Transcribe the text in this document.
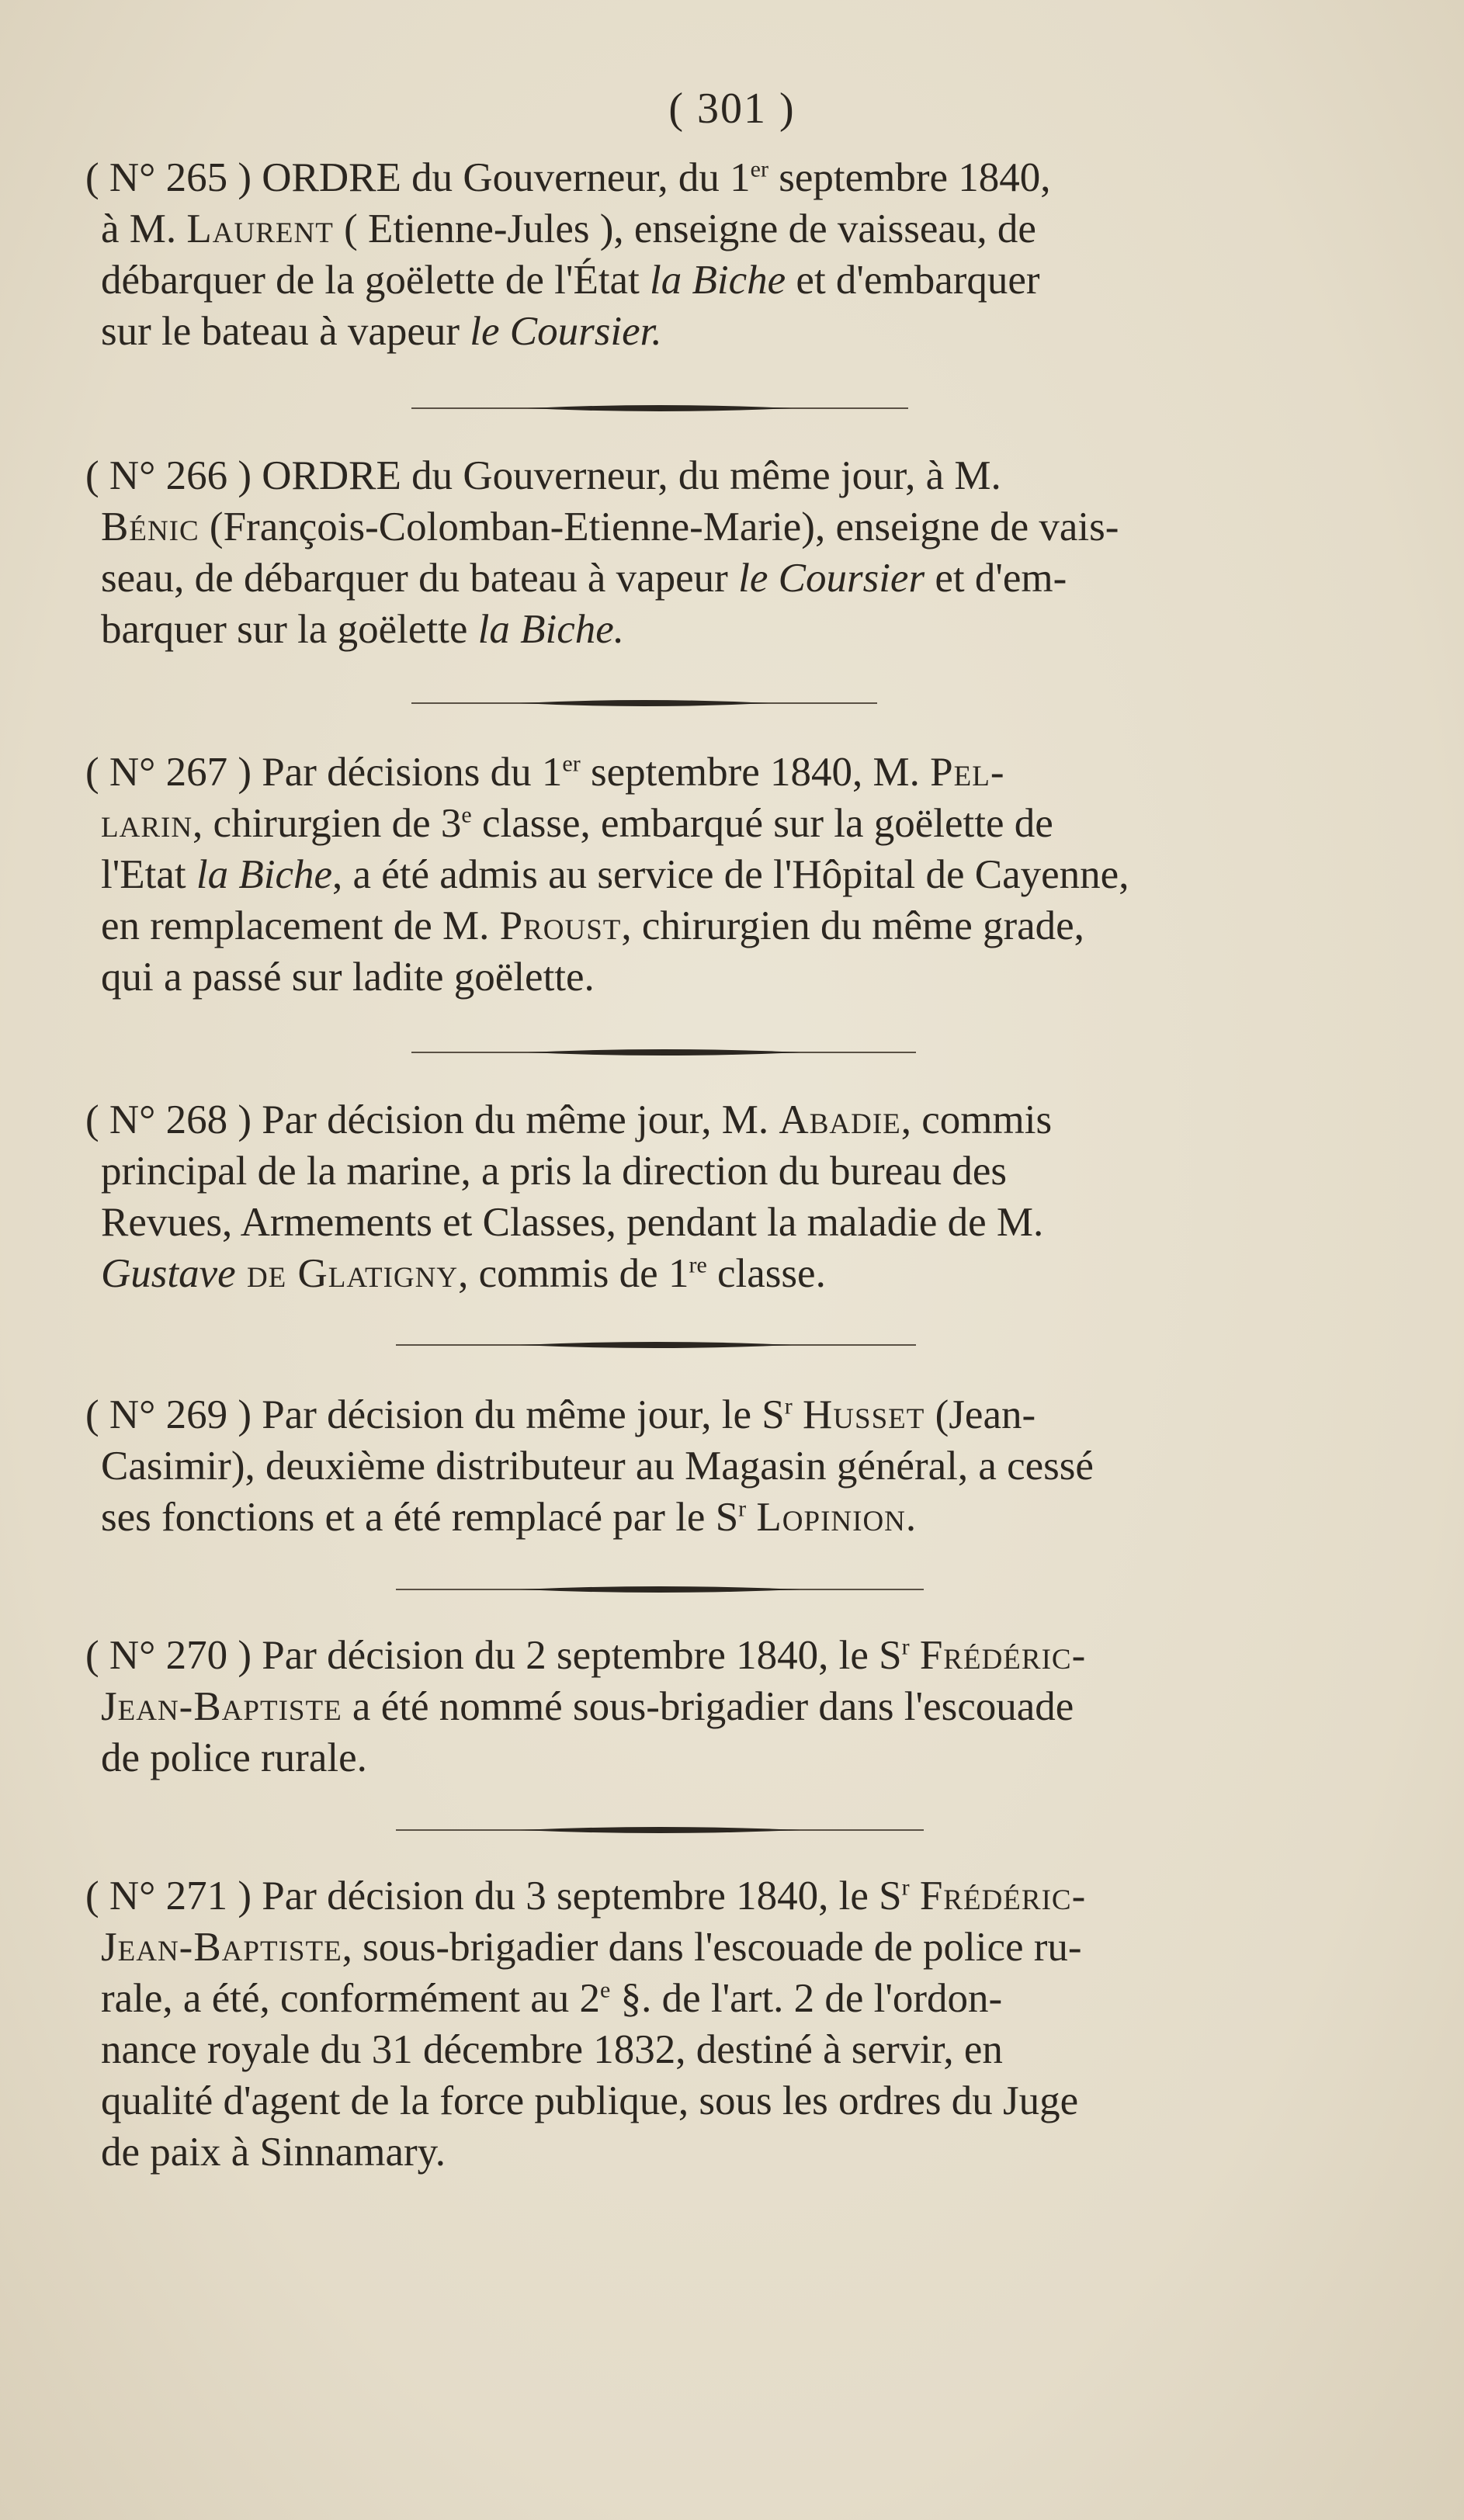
( 301 )
( N° 265 ) ORDRE du Gouverneur, du 1er septembre 1840,
à M. Laurent ( Etienne-Jules ), enseigne de vaisseau, de
débarquer de la goëlette de l'État la Biche et d'embarquer
sur le bateau à vapeur le Coursier.
( N° 266 ) ORDRE du Gouverneur, du même jour, à M.
Bénic (François-Colomban-Etienne-Marie), enseigne de vais-
seau, de débarquer du bateau à vapeur le Coursier et d'em-
barquer sur la goëlette la Biche.
( N° 267 ) Par décisions du 1er septembre 1840, M. Pel-
larin, chirurgien de 3e classe, embarqué sur la goëlette de
l'Etat la Biche, a été admis au service de l'Hôpital de Cayenne,
en remplacement de M. Proust, chirurgien du même grade,
qui a passé sur ladite goëlette.
( N° 268 ) Par décision du même jour, M. Abadie, commis
principal de la marine, a pris la direction du bureau des
Revues, Armements et Classes, pendant la maladie de M.
Gustave de Glatigny, commis de 1re classe.
( N° 269 ) Par décision du même jour, le $S^r$ Husset (Jean-
Casimir), deuxième distributeur au Magasin général, a cessé
ses fonctions et a été remplacé par le $S^r$ Lopinion.
( N° 270 ) Par décision du 2 septembre 1840, le $S^r$ Frédéric-
Jean-Baptiste a été nommé sous-brigadier dans l'escouade
de police rurale.
( N° 271 ) Par décision du 3 septembre 1840, le $S^r$ Frédéric-
Jean-Baptiste, sous-brigadier dans l'escouade de police ru-
rale, a été, conformément au 2e §. de l'art. 2 de l'ordon-
nance royale du 31 décembre 1832, destiné à servir, en
qualité d'agent de la force publique, sous les ordres du Juge
de paix à Sinnamary.
